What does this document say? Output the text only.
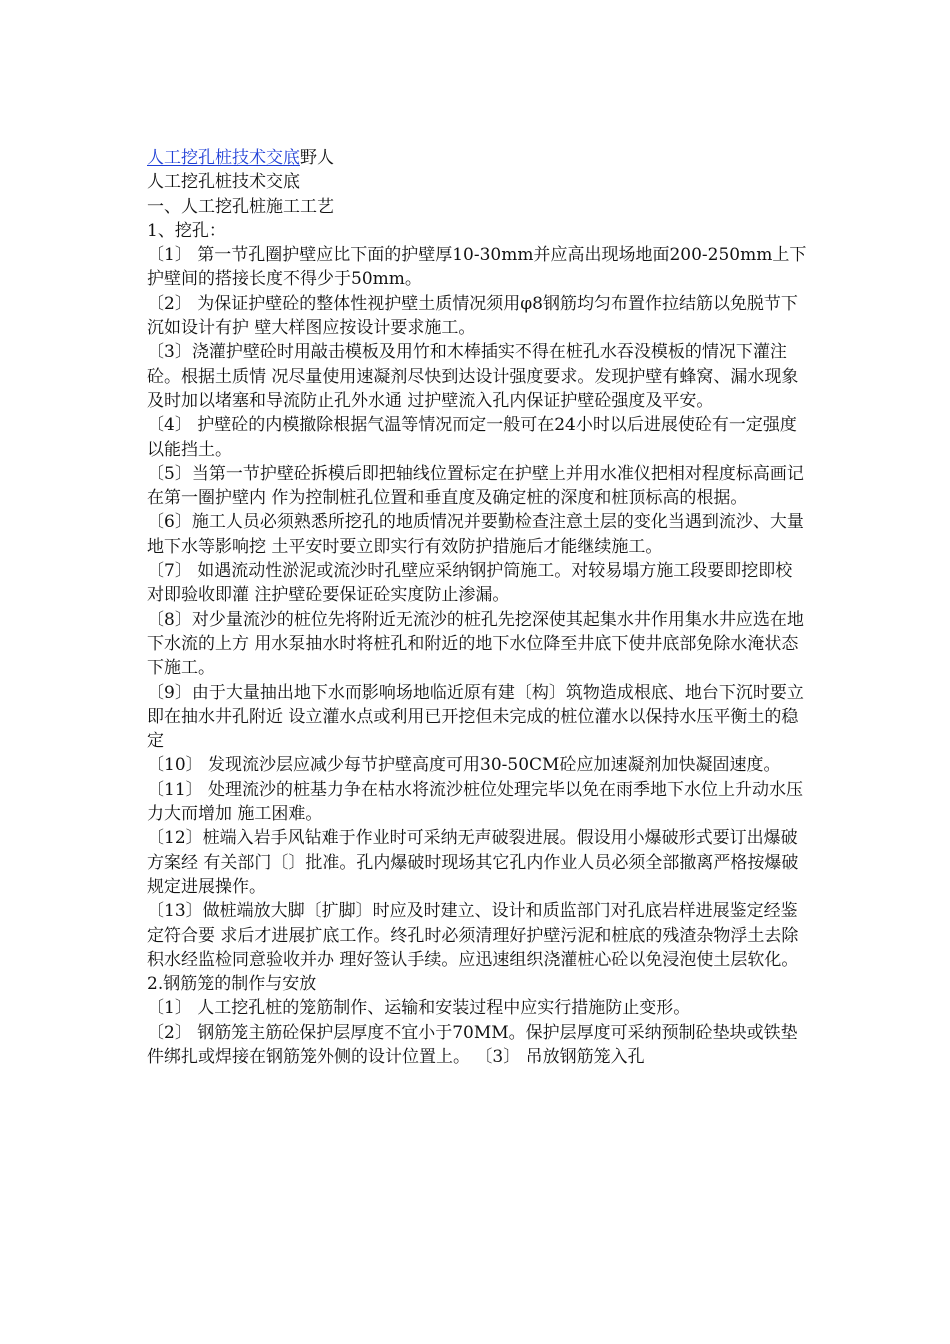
人工挖孔桩技术交底野人

人工挖孔桩技术交底

一、人工挖孔桩施工工艺

1、挖孔：

〔1〕 第一节孔圈护壁应比下面的护壁厚10-30mm并应高出现场地面200-250mm上下护壁间的搭接长度不得少于50mm。

〔2〕 为保证护壁砼的整体性视护壁土质情况须用φ8钢筋均匀布置作拉结筋以免脱节下沉如设计有护 壁大样图应按设计要求施工。

〔3〕浇灌护壁砼时用敲击模板及用竹和木棒插实不得在桩孔水吞没模板的情况下灌注砼。根据土质情 况尽量使用速凝剂尽快到达设计强度要求。发现护壁有蜂窝、漏水现象及时加以堵塞和导流防止孔外水通 过护壁流入孔内保证护壁砼强度及平安。

〔4〕 护壁砼的内模撤除根据气温等情况而定一般可在24小时以后进展使砼有一定强度以能挡土。

〔5〕当第一节护壁砼拆模后即把轴线位置标定在护壁上并用水准仪把相对程度标高画记在第一圈护壁内 作为控制桩孔位置和垂直度及确定桩的深度和桩顶标高的根据。

〔6〕施工人员必须熟悉所挖孔的地质情况并要勤检查注意土层的变化当遇到流沙、大量地下水等影响挖 土平安时要立即实行有效防护措施后才能继续施工。

〔7〕 如遇流动性淤泥或流沙时孔壁应采纳钢护筒施工。对较易塌方施工段要即挖即校对即验收即灌 注护壁砼要保证砼实度防止渗漏。

〔8〕对少量流沙的桩位先将附近无流沙的桩孔先挖深使其起集水井作用集水井应选在地下水流的上方 用水泵抽水时将桩孔和附近的地下水位降至井底下使井底部免除水淹状态下施工。

〔9〕由于大量抽出地下水而影响场地临近原有建〔构〕筑物造成根底、地台下沉时要立即在抽水井孔附近 设立灌水点或利用已开挖但未完成的桩位灌水以保持水压平衡土的稳定

〔10〕 发现流沙层应减少每节护壁高度可用30-50CM砼应加速凝剂加快凝固速度。

〔11〕 处理流沙的桩基力争在枯水将流沙桩位处理完毕以免在雨季地下水位上升动水压力大而增加 施工困难。

〔12〕桩端入岩手风钻难于作业时可采纳无声破裂进展。假设用小爆破形式要订出爆破方案经 有关部门〔〕批准。孔内爆破时现场其它孔内作业人员必须全部撤离严格按爆破规定进展操作。

〔13〕做桩端放大脚〔扩脚〕时应及时建立、设计和质监部门对孔底岩样进展鉴定经鉴定符合要 求后才进展扩底工作。终孔时必须清理好护壁污泥和桩底的残渣杂物浮土去除积水经监检同意验收并办 理好签认手续。应迅速组织浇灌桩心砼以免浸泡使土层软化。

2.钢筋笼的制作与安放

〔1〕 人工挖孔桩的笼筋制作、运输和安装过程中应实行措施防止变形。

〔2〕 钢筋笼主筋砼保护层厚度不宜小于70MM。保护层厚度可采纳预制砼垫块或铁垫件绑扎或焊接在钢筋笼外侧的设计位置上。 〔3〕 吊放钢筋笼入孔
